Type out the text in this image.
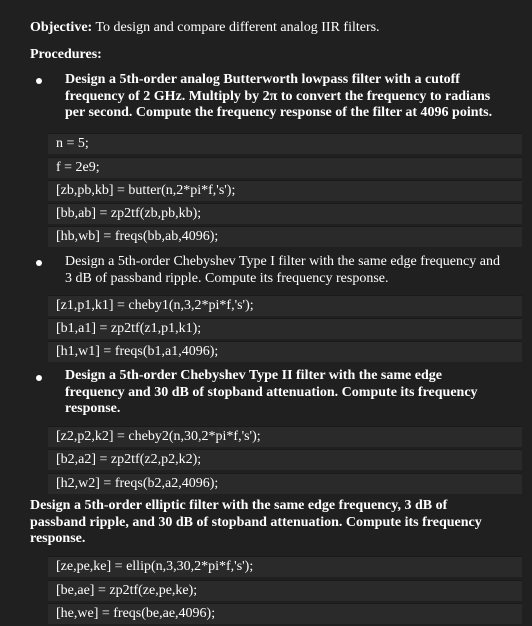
Objective: To design and compare different analog IIR filters.
Procedures:
Design a 5th-order analog Butterworth lowpass filter with a cutoff frequency of 2 GHz. Multiply by 2π to convert the frequency to radians per second. Compute the frequency response of the filter at 4096 points.
n = 5;
f = 2e9;
[zb,pb,kb] = butter(n,2*pi*f,'s');
[bb,ab] = zp2tf(zb,pb,kb);
[hb,wb] = freqs(bb,ab,4096);
Design a 5th-order Chebyshev Type I filter with the same edge frequency and 3 dB of passband ripple. Compute its frequency response.
[z1,p1,k1] = cheby1(n,3,2*pi*f,'s');
[b1,a1] = zp2tf(z1,p1,k1);
[h1,w1] = freqs(b1,a1,4096);
Design a 5th-order Chebyshev Type II filter with the same edge frequency and 30 dB of stopband attenuation. Compute its frequency response.
[z2,p2,k2] = cheby2(n,30,2*pi*f,'s');
[b2,a2] = zp2tf(z2,p2,k2);
[h2,w2] = freqs(b2,a2,4096);
Design a 5th-order elliptic filter with the same edge frequency, 3 dB of passband ripple, and 30 dB of stopband attenuation. Compute its frequency response.
[ze,pe,ke] = ellip(n,3,30,2*pi*f,'s');
[be,ae] = zp2tf(ze,pe,ke);
[he,we] = freqs(be,ae,4096);
